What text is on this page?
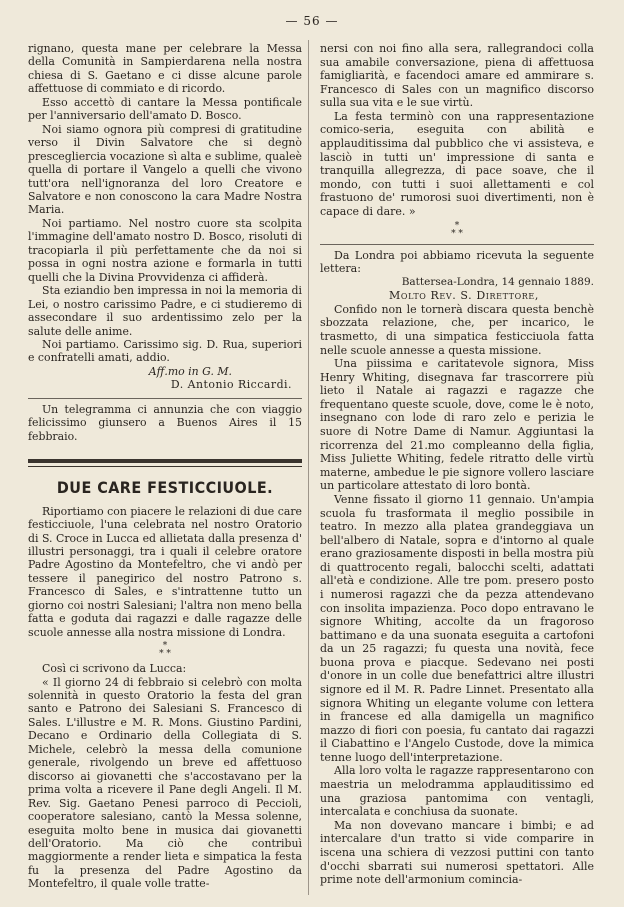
— 56 —

rignano, questa mane per celebrare la Messa della Comunità in Sampierdarena nella nostra chiesa di S. Gaetano e ci disse alcune parole affettuose di commiato e di ricordo.

Esso accettò di cantare la Messa pontificale per l'anniversario dell'amato D. Bosco.

Noi siamo ognora più compresi di gratitudine verso il Divin Salvatore che si degnò prescegliercia vocazione sì alta e sublime, qualeè quella di portare il Vangelo a quelli che vivono tutt'ora nell'ignoranza del loro Creatore e Salvatore e non conoscono la cara Madre Nostra Maria.

Noi partiamo. Nel nostro cuore sta scolpita l'immagine dell'amato nostro D. Bosco, risoluti di tracopiarla il più perfettamente che da noi si possa in ogni nostra azione e formarla in tutti quelli che la Divina Provvidenza ci affiderà.

Sta eziandio ben impressa in noi la memoria di Lei, o nostro carissimo Padre, e ci studieremo di assecondare il suo ardentissimo zelo per la salute delle anime.

Noi partiamo. Carissimo sig. D. Rua, superiori e confratelli amati, addio.

Aff.mo in G. M.

D. Antonio Riccardi.

Un telegramma ci annunzia che con viaggio felicissimo giunsero a Buenos Aires il 15 febbraio.

DUE CARE FESTICCIUOLE.

Riportiamo con piacere le relazioni di due care festicciuole, l'una celebrata nel nostro Oratorio di S. Croce in Lucca ed allietata dalla presenza d' illustri personaggi, tra i quali il celebre oratore Padre Agostino da Montefeltro, che vi andò per tessere il panegirico del nostro Patrono s. Francesco di Sales, e s'intrattenne tutto un giorno coi nostri Salesiani; l'altra non meno bella fatta e goduta dai ragazzi e dalle ragazze delle scuole annesse alla nostra missione di Londra.

*
* *

Così ci scrivono da Lucca:

« Il giorno 24 di febbraio si celebrò con molta solennità in questo Oratorio la festa del gran santo e Patrono dei Salesiani S. Francesco di Sales. L'illustre e M. R. Mons. Giustino Pardini, Decano e Ordinario della Collegiata di S. Michele, celebrò la messa della comunione generale, rivolgendo un breve ed affettuoso discorso ai giovanetti che s'accostavano per la prima volta a ricevere il Pane degli Angeli. Il M. Rev. Sig. Gaetano Penesi parroco di Peccioli, cooperatore salesiano, cantò la Messa solenne, eseguita molto bene in musica dai giovanetti dell'Oratorio. Ma ciò che contribuì maggiormente a render lieta e simpatica la festa fu la presenza del Padre Agostino da Montefeltro, il quale volle tratte-

nersi con noi fino alla sera, rallegrandoci colla sua amabile conversazione, piena di affettuosa famigliarità, e facendoci amare ed ammirare s. Francesco di Sales con un magnifico discorso sulla sua vita e le sue virtù.

La festa terminò con una rappresentazione comico-seria, eseguita con abilità e applauditissima dal pubblico che vi assisteva, e lasciò in tutti un' impressione di santa e tranquilla allegrezza, di pace soave, che il mondo, con tutti i suoi allettamenti e col frastuono de' rumorosi suoi divertimenti, non è capace di dare. »

*
* *

Da Londra poi abbiamo ricevuta la seguente lettera:

Battersea-Londra, 14 gennaio 1889.

Molto Rev. S. Direttore,

Confido non le tornerà discara questa benchè sbozzata relazione, che, per incarico, le trasmetto, di una simpatica festicciuola fatta nelle scuole annesse a questa missione.

Una piissima e caritatevole signora, Miss Henry Whiting, disegnava far trascorrere più lieto il Natale ai ragazzi e ragazze che frequentano queste scuole, dove, come le è noto, insegnano con lode di raro zelo e perizia le suore di Notre Dame di Namur. Aggiuntasi la ricorrenza del 21.mo compleanno della figlia, Miss Juliette Whiting, fedele ritratto delle virtù materne, ambedue le pie signore vollero lasciare un particolare attestato di loro bontà.

Venne fissato il giorno 11 gennaio. Un'ampia scuola fu trasformata il meglio possibile in teatro. In mezzo alla platea grandeggiava un bell'albero di Natale, sopra e d'intorno al quale erano graziosamente disposti in bella mostra più di quattrocento regali, balocchi scelti, adattati all'età e condizione. Alle tre pom. presero posto i numerosi ragazzi che da pezza attendevano con insolita impazienza. Poco dopo entravano le signore Whiting, accolte da un fragoroso battimano e da una suonata eseguita a cartofoni da un 25 ragazzi; fu questa una novità, fece buona prova e piacque. Sedevano nei posti d'onore in un colle due benefattrici altre illustri signore ed il M. R. Padre Linnet. Presentato alla signora Whiting un elegante volume con lettera in francese ed alla damigella un magnifico mazzo di fiori con poesia, fu cantato dai ragazzi il Ciabattino e l'Angelo Custode, dove la mimica tenne luogo dell'interpretazione.

Alla loro volta le ragazze rappresentarono con maestria un melodramma applauditissimo ed una graziosa pantomima con ventagli, intercalata e conchiusa da suonate.

Ma non dovevano mancare i bimbi; e ad intercalare d'un tratto si vide comparire in iscena una schiera di vezzosi puttini con tanto d'occhi sbarrati sui numerosi spettatori. Alle prime note dell'armonium comincia-
